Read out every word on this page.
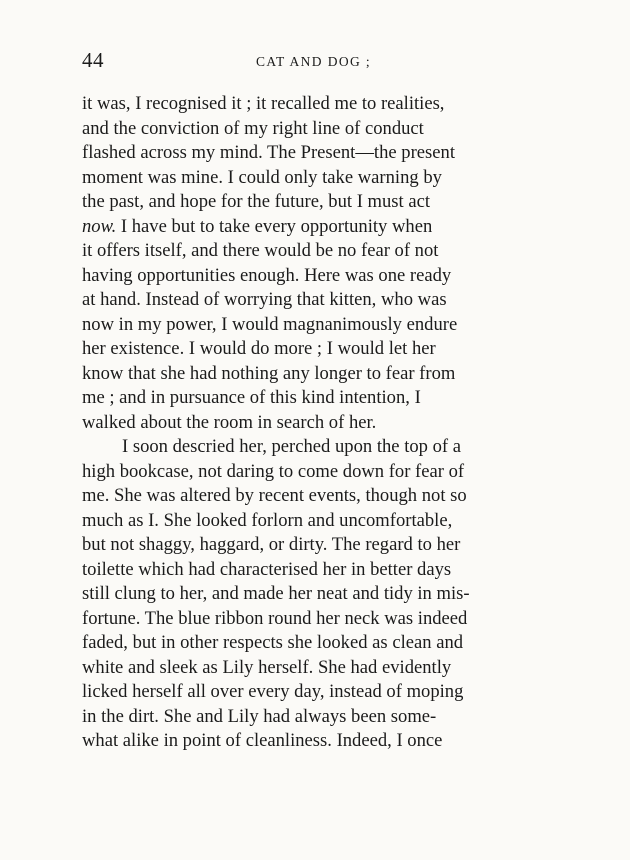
44	CAT AND DOG ;
it was, I recognised it ; it recalled me to realities,
and the conviction of my right line of conduct
flashed across my mind. The Present—the present
moment was mine. I could only take warning by
the past, and hope for the future, but I must act
now. I have but to take every opportunity when
it offers itself, and there would be no fear of not
having opportunities enough. Here was one ready
at hand. Instead of worrying that kitten, who was
now in my power, I would magnanimously endure
her existence. I would do more ; I would let her
know that she had nothing any longer to fear from
me ; and in pursuance of this kind intention, I
walked about the room in search of her.
I soon descried her, perched upon the top of a
high bookcase, not daring to come down for fear of
me. She was altered by recent events, though not so
much as I. She looked forlorn and uncomfortable,
but not shaggy, haggard, or dirty. The regard to her
toilette which had characterised her in better days
still clung to her, and made her neat and tidy in mis-
fortune. The blue ribbon round her neck was indeed
faded, but in other respects she looked as clean and
white and sleek as Lily herself. She had evidently
licked herself all over every day, instead of moping
in the dirt. She and Lily had always been some-
what alike in point of cleanliness. Indeed, I once
